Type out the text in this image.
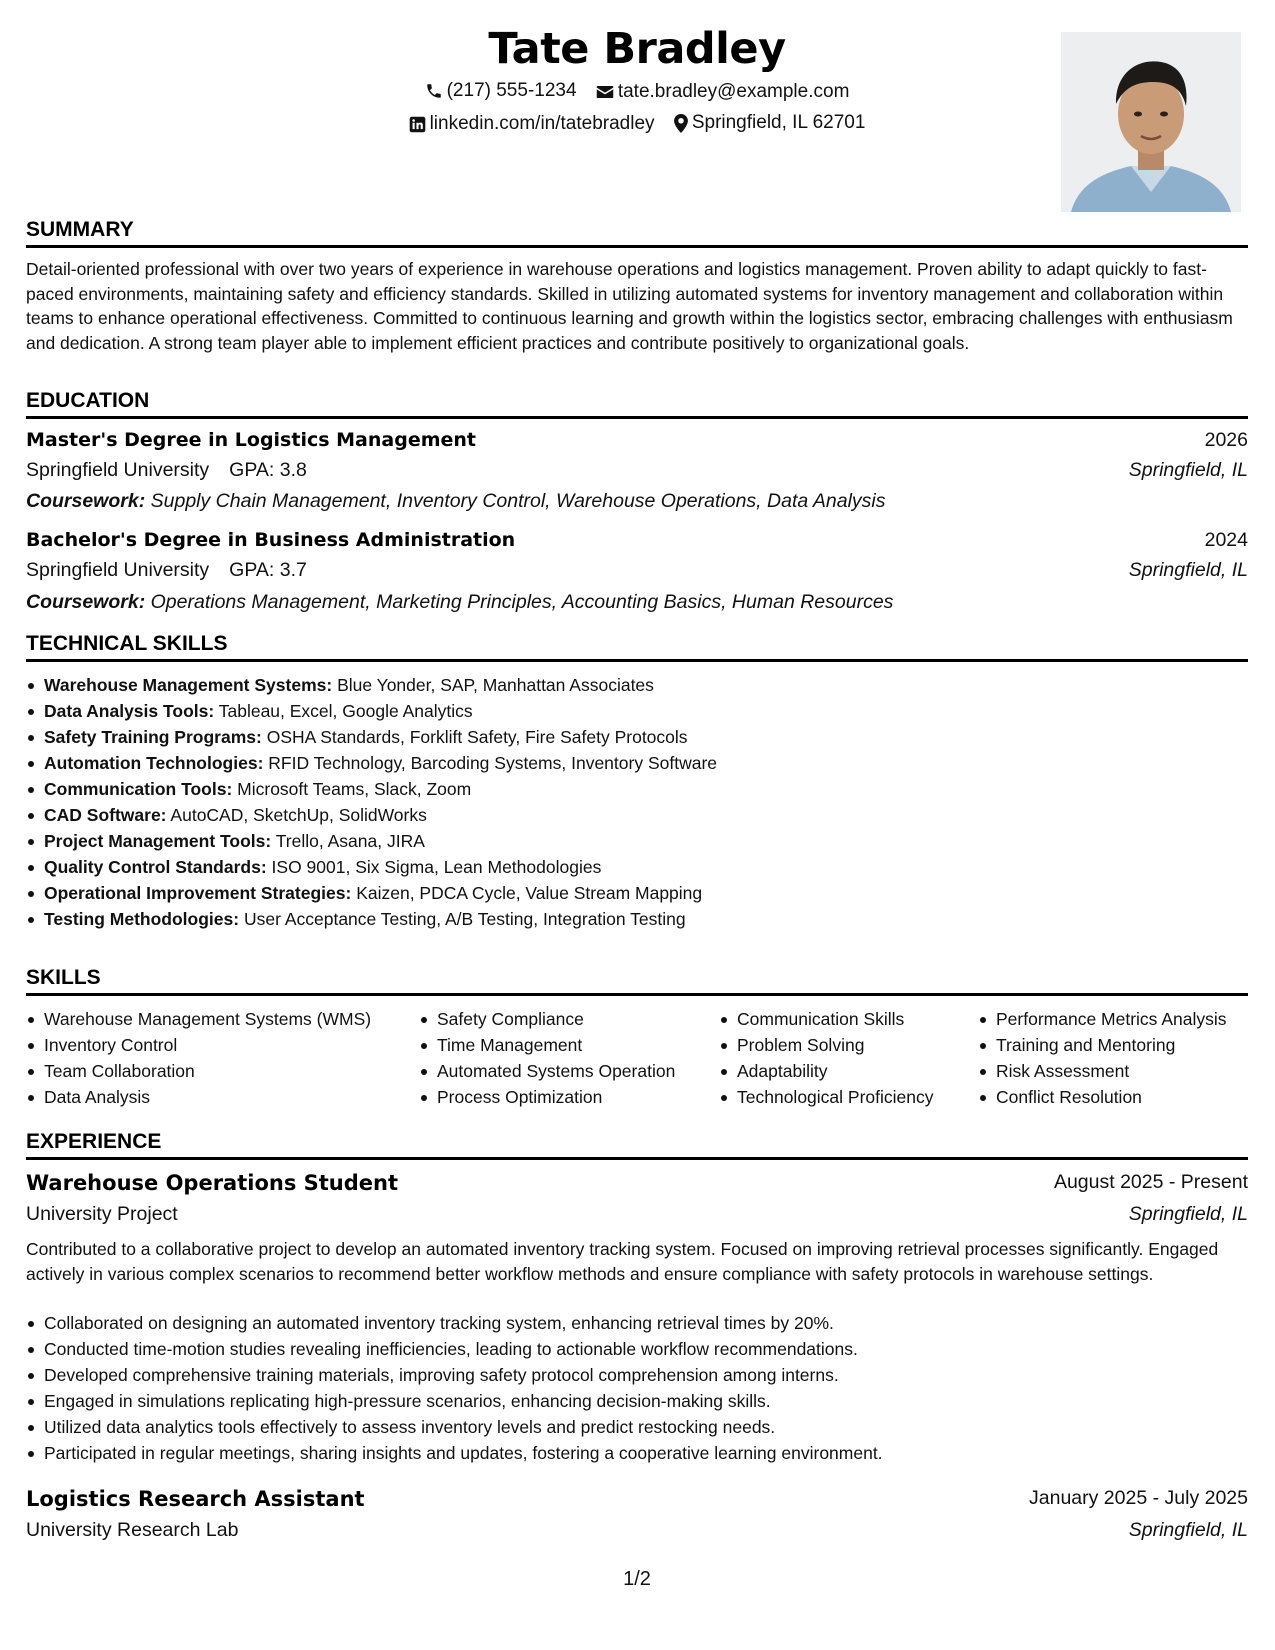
Tate Bradley
(217) 555-1234
tate.bradley@example.com
linkedin.com/in/tatebradley
Springfield, IL 62701
SUMMARY
Detail-oriented professional with over two years of experience in warehouse operations and logistics management. Proven ability to adapt quickly to fast-paced environments, maintaining safety and efficiency standards. Skilled in utilizing automated systems for inventory management and collaboration within teams to enhance operational effectiveness. Committed to continuous learning and growth within the logistics sector, embracing challenges with enthusiasm and dedication. A strong team player able to implement efficient practices and contribute positively to organizational goals.
EDUCATION
Master's Degree in Logistics Management	2026
Springfield University GPA: 3.8	Springfield, IL
Coursework: Supply Chain Management, Inventory Control, Warehouse Operations, Data Analysis
Bachelor's Degree in Business Administration	2024
Springfield University GPA: 3.7	Springfield, IL
Coursework: Operations Management, Marketing Principles, Accounting Basics, Human Resources
TECHNICAL SKILLS
Warehouse Management Systems: Blue Yonder, SAP, Manhattan Associates
Data Analysis Tools: Tableau, Excel, Google Analytics
Safety Training Programs: OSHA Standards, Forklift Safety, Fire Safety Protocols
Automation Technologies: RFID Technology, Barcoding Systems, Inventory Software
Communication Tools: Microsoft Teams, Slack, Zoom
CAD Software: AutoCAD, SketchUp, SolidWorks
Project Management Tools: Trello, Asana, JIRA
Quality Control Standards: ISO 9001, Six Sigma, Lean Methodologies
Operational Improvement Strategies: Kaizen, PDCA Cycle, Value Stream Mapping
Testing Methodologies: User Acceptance Testing, A/B Testing, Integration Testing
SKILLS
Warehouse Management Systems (WMS)
Inventory Control
Team Collaboration
Data Analysis
Safety Compliance
Time Management
Automated Systems Operation
Process Optimization
Communication Skills
Problem Solving
Adaptability
Technological Proficiency
Performance Metrics Analysis
Training and Mentoring
Risk Assessment
Conflict Resolution
EXPERIENCE
Warehouse Operations Student	August 2025 - Present
University Project	Springfield, IL
Contributed to a collaborative project to develop an automated inventory tracking system. Focused on improving retrieval processes significantly. Engaged actively in various complex scenarios to recommend better workflow methods and ensure compliance with safety protocols in warehouse settings.
Collaborated on designing an automated inventory tracking system, enhancing retrieval times by 20%.
Conducted time-motion studies revealing inefficiencies, leading to actionable workflow recommendations.
Developed comprehensive training materials, improving safety protocol comprehension among interns.
Engaged in simulations replicating high-pressure scenarios, enhancing decision-making skills.
Utilized data analytics tools effectively to assess inventory levels and predict restocking needs.
Participated in regular meetings, sharing insights and updates, fostering a cooperative learning environment.
Logistics Research Assistant	January 2025 - July 2025
University Research Lab	Springfield, IL
1/2
